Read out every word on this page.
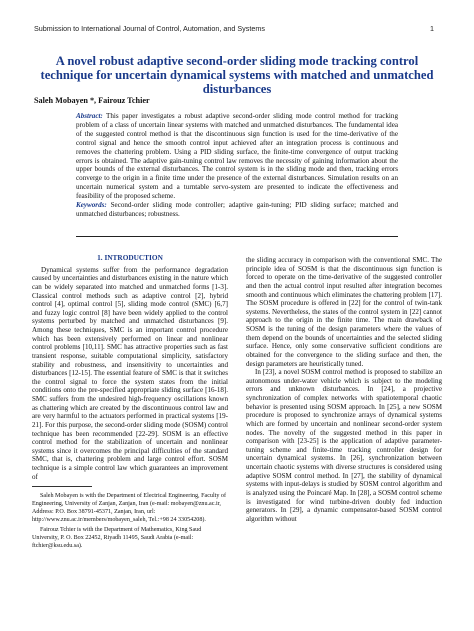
Submission to International Journal of Control, Automation, and Systems	1
A novel robust adaptive second-order sliding mode tracking control technique for uncertain dynamical systems with matched and unmatched disturbances
Saleh Mobayen *, Fairouz Tchier
Abstract: This paper investigates a robust adaptive second-order sliding mode control method for tracking problem of a class of uncertain linear systems with matched and unmatched disturbances. The fundamental idea of the suggested control method is that the discontinuous sign function is used for the time-derivative of the control signal and hence the smooth control input achieved after an integration process is continuous and removes the chattering problem. Using a PID sliding surface, the finite-time convergence of output tracking errors is obtained. The adaptive gain-tuning control law removes the necessity of gaining information about the upper bounds of the external disturbances. The control system is in the sliding mode and then, tracking errors converge to the origin in a finite time under the presence of the external disturbances. Simulation results on an uncertain numerical system and a turntable servo-system are presented to indicate the effectiveness and feasibility of the proposed scheme.
Keywords: Second-order sliding mode controller; adaptive gain-tuning; PID sliding surface; matched and unmatched disturbances; robustness.
1. INTRODUCTION

Dynamical systems suffer from the performance degradation caused by uncertainties and disturbances existing in the nature which can be widely separated into matched and unmatched forms [1-3]. Classical control methods such as adaptive control [2], hybrid control [4], optimal control [5], sliding mode control (SMC) [6,7] and fuzzy logic control [8] have been widely applied to the control systems perturbed by matched and unmatched disturbances [9]. Among these techniques, SMC is an important control procedure which has been extensively performed on linear and nonlinear control problems [10,11]. SMC has attractive properties such as fast transient response, suitable computational simplicity, satisfactory stability and robustness, and insensitivity to uncertainties and disturbances [12-15]. The essential feature of SMC is that it switches the control signal to force the system states from the initial conditions onto the pre-specified appropriate sliding surface [16-18]. SMC suffers from the undesired high-frequency oscillations known as chattering which are created by the discontinuous control law and are very harmful to the actuators performed in practical systems [19-21]. For this purpose, the second-order sliding mode (SOSM) control technique has been recommended [22-29]. SOSM is an effective control method for the stabilization of uncertain and nonlinear systems since it overcomes the principal difficulties of the standard SMC, that is, chattering problem and large control effort. SOSM technique is a simple control law which guarantees an improvement of

Saleh Mobayen is with the Department of Electrical Engineering, Faculty of Engineering, University of Zanjan, Zanjan, Iran (e-mail: mobayen@znu.ac.ir, Address: P.O. Box 38791-45371, Zanjan, Iran, url: http://www.znu.ac.ir/members/mobayen_saleh, Tel.:+98 24 33054208).

Fairouz Tchier is with the Department of Mathematics, King Saud University, P. O. Box 22452, Riyadh 11495, Saudi Arabia (e-mail: ftchier@ksu.edu.sa).

the sliding accuracy in comparison with the conventional SMC. The principle idea of SOSM is that the discontinuous sign function is forced to operate on the time-derivative of the suggested controller and then the actual control input resulted after integration becomes smooth and continuous which eliminates the chattering problem [17]. The SOSM procedure is offered in [22] for the control of twin-tank systems. Nevertheless, the states of the control system in [22] cannot approach to the origin in the finite time. The main drawback of SOSM is the tuning of the design parameters where the values of them depend on the bounds of uncertainties and the selected sliding surface. Hence, only some conservative sufficient conditions are obtained for the convergence to the sliding surface and then, the design parameters are heuristically tuned.

In [23], a novel SOSM control method is proposed to stabilize an autonomous under-water vehicle which is subject to the modeling errors and unknown disturbances. In [24], a projective synchronization of complex networks with spatiotemporal chaotic behavior is presented using SOSM approach. In [25], a new SOSM procedure is proposed to synchronize arrays of dynamical systems which are formed by uncertain and nonlinear second-order system nodes. The novelty of the suggested method in this paper in comparison with [23-25] is the application of adaptive parameter-tuning scheme and finite-time tracking controller design for uncertain dynamical systems. In [26], synchronization between uncertain chaotic systems with diverse structures is considered using adaptive SOSM control method. In [27], the stability of dynamical systems with input-delays is studied by SOSM control algorithm and is analyzed using the Poincaré Map. In [28], a SOSM control scheme is investigated for wind turbine-driven doubly fed induction generators. In [29], a dynamic compensator-based SOSM control algorithm without
